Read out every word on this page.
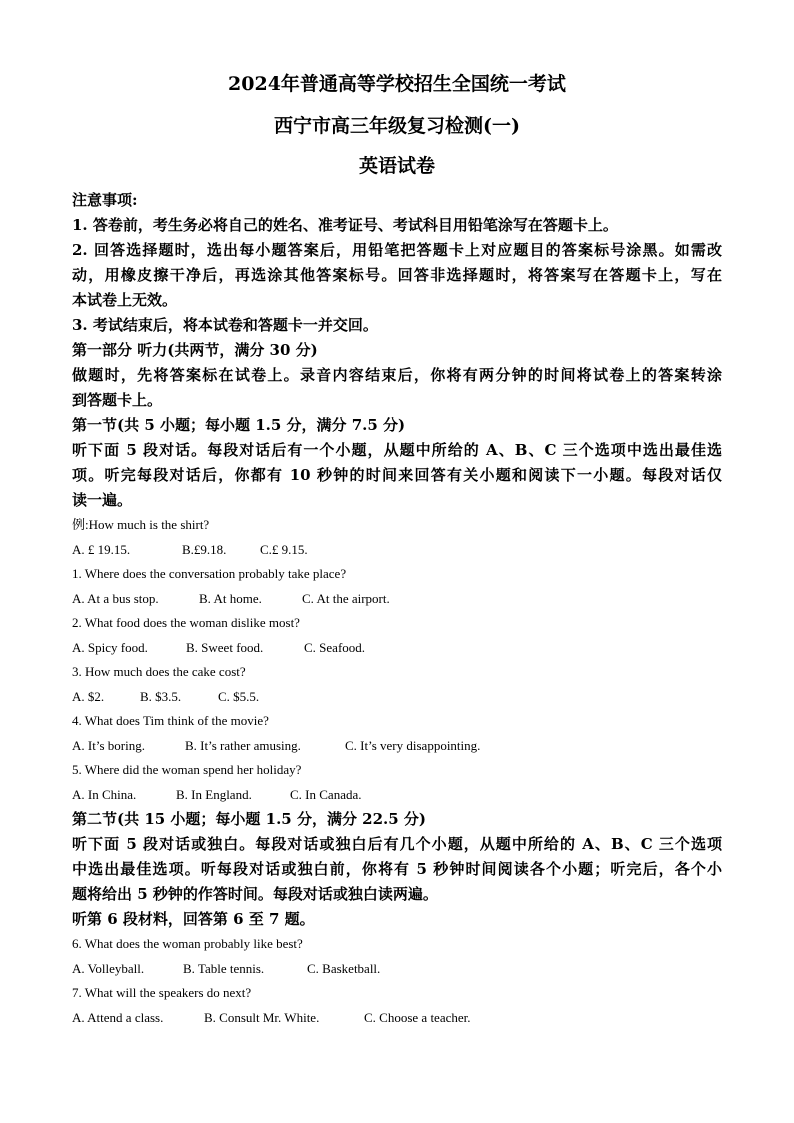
2024年普通高等学校招生全国统一考试
西宁市高三年级复习检测(一)
英语试卷
注意事项:
1. 答卷前，考生务必将自己的姓名、准考证号、考试科目用铅笔涂写在答题卡上。
2. 回答选择题时，选出每小题答案后，用铅笔把答题卡上对应题目的答案标号涂黑。如需改
动，用橡皮擦干净后，再选涂其他答案标号。回答非选择题时，将答案写在答题卡上，写在
本试卷上无效。
3. 考试结束后，将本试卷和答题卡一并交回。
第一部分 听力(共两节，满分 30 分)
做题时，先将答案标在试卷上。录音内容结束后，你将有两分钟的时间将试卷上的答案转涂
到答题卡上。
第一节(共 5 小题；每小题 1.5 分，满分 7.5 分)
听下面 5 段对话。每段对话后有一个小题，从题中所给的 A、B、C 三个选项中选出最佳选
项。听完每段对话后，你都有 10 秒钟的时间来回答有关小题和阅读下一小题。每段对话仅
读一遍。
例:How much is the shirt?
A. £ 19.15.	B.£9.18.	C.£ 9.15.
1. Where does the conversation probably take place?
A. At a bus stop.	B. At home.	C. At the airport.
2. What food does the woman dislike most?
A. Spicy food.	B. Sweet food.	C. Seafood.
3. How much does the cake cost?
A. $2.	B. $3.5.	C. $5.5.
4. What does Tim think of the movie?
A. It’s boring.	B. It’s rather amusing.	C. It’s very disappointing.
5. Where did the woman spend her holiday?
A. In China.	B. In England.	C. In Canada.
第二节(共 15 小题；每小题 1.5 分，满分 22.5 分)
听下面 5 段对话或独白。每段对话或独白后有几个小题，从题中所给的 A、B、C 三个选项
中选出最佳选项。听每段对话或独白前，你将有 5 秒钟时间阅读各个小题；听完后，各个小
题将给出 5 秒钟的作答时间。每段对话或独白读两遍。
听第 6 段材料，回答第 6 至 7 题。
6. What does the woman probably like best?
A. Volleyball.	B. Table tennis.	C. Basketball.
7. What will the speakers do next?
A. Attend a class.	B. Consult Mr. White.	C. Choose a teacher.
